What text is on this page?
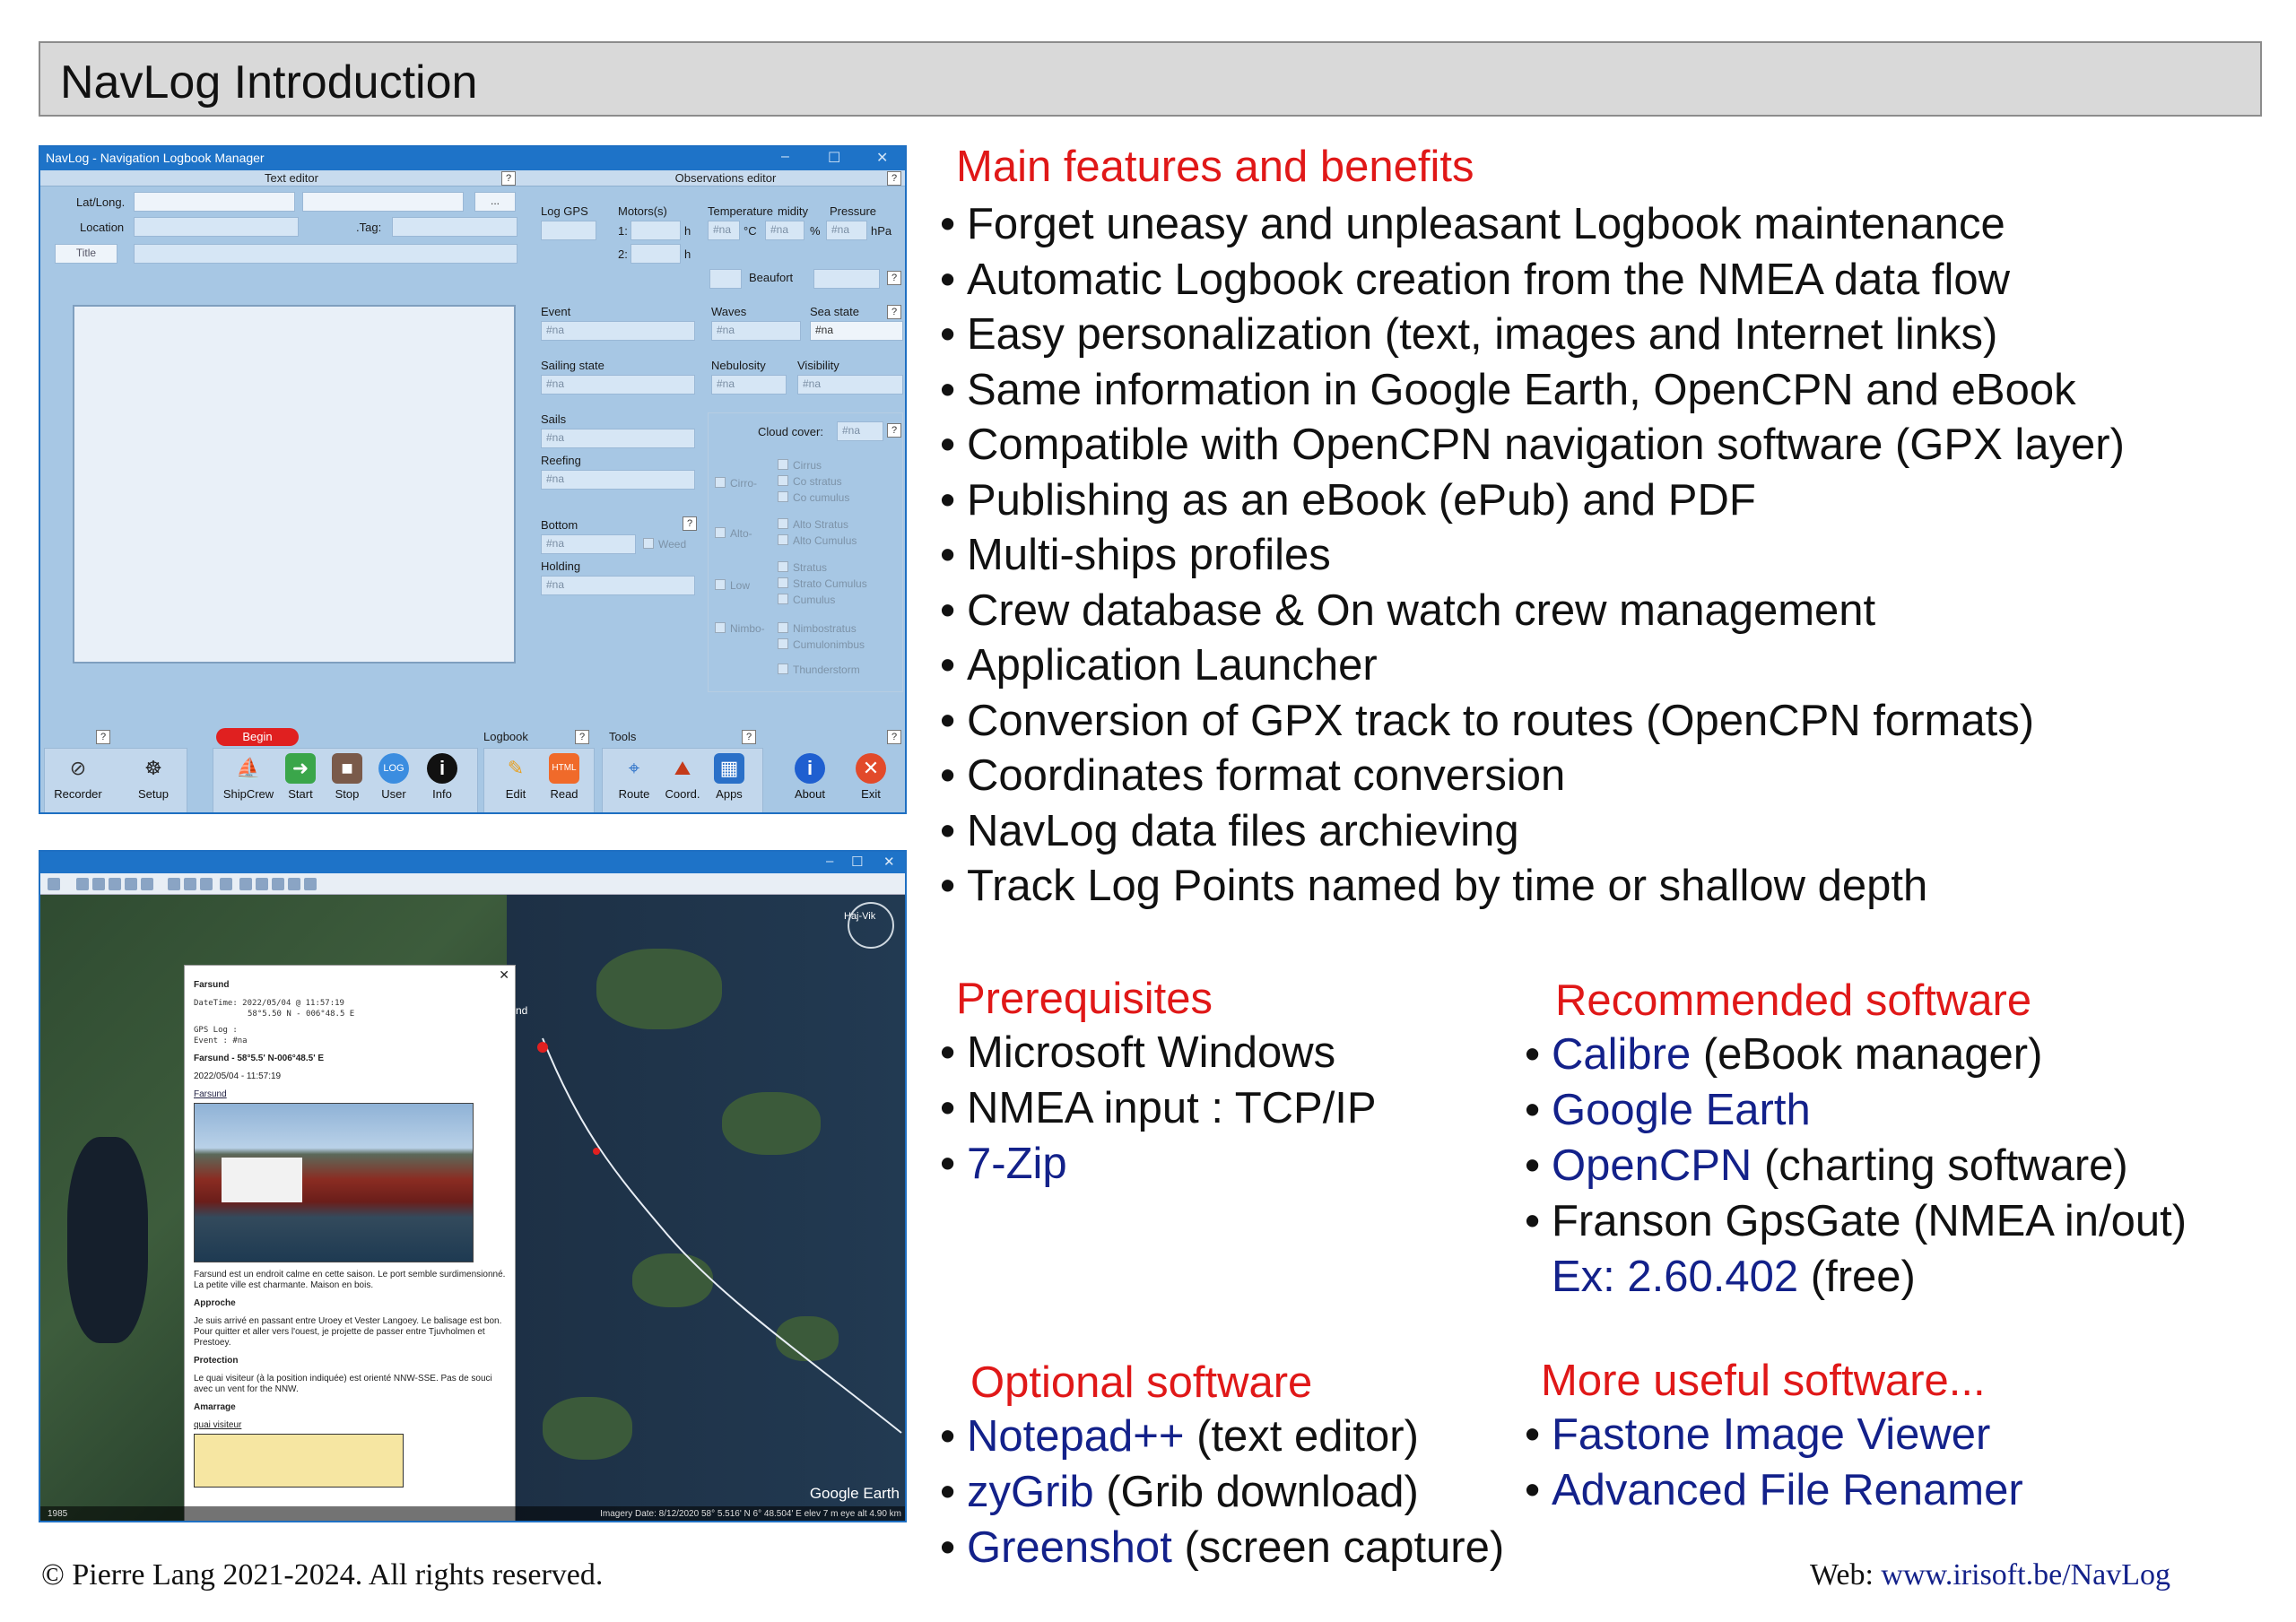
NavLog Introduction
NavLog - Navigation Logbook Manager	–	☐ ✕
Text editor	?	Observations editor	?
Lat/Long.	...
Location	.Tag:
Title
Log GPS	Motors(s)
1:	h
2:	h
Temperature midity Pressure
#na	°C	#na	%	#na	hPa
Beaufort	?
Event
#na
Waves
#na
Sea state	?
#na
Sailing state
#na
Nebulosity
#na
Visibility
#na
Sails
#na
Reefing
#na
Bottom	?
#na	Weed
Holding
#na
Cloud cover:	#na	?
Cirro-
Cirrus
Co stratus
Co cumulus
Alto-
Alto Stratus
Alto Cumulus
Low
Stratus
Strato Cumulus
Cumulus
Nimbo-	Nimbostratus
Cumulonimbus
Thunderstorm
?	Begin	Logbook	?	Tools	?	?
⊘
Recorder
☸
Setup
⛵
ShipCrew
➜
Start
■
Stop
LOG
User
i
Info
✎
Edit
HTML
Read
⌖
Route
⛰
Coord.
▦
Apps
i
About
✕
Exit
– ☐ ✕
nd
Haj-Vik
✕

Farsund

DateTime: 2022/05/04 @ 11:57:19
58°5.50 N - 006°48.5 E
GPS Log :
Event : #na

Farsund - 58°5.5' N-006°48.5' E

2022/05/04 - 11:57:19

Farsund

Farsund est un endroit calme en cette saison. Le port semble surdimensionné. La petite ville est charmante. Maison en bois.

Approche

Je suis arrivé en passant entre Uroey et Vester Langoey. Le balisage est bon. Pour quitter et aller vers l'ouest, je projette de passer entre Tjuvholmen et Prestoey.

Protection

Le quai visiteur (à la position indiquée) est orienté NNW-SSE. Pas de souci avec un vent for the NNW.

Amarrage

quai visiteur
Google Earth
1985	Imagery Date: 8/12/2020 58° 5.516' N 6° 48.504' E elev 7 m eye alt 4.90 km
Main features and benefits
• Forget uneasy and unpleasant Logbook maintenance
• Automatic Logbook creation from the NMEA data flow
• Easy personalization (text, images and Internet links)
• Same information in Google Earth, OpenCPN and eBook
• Compatible with OpenCPN navigation software (GPX layer)
• Publishing as an eBook (ePub) and PDF
• Multi-ships profiles
• Crew database & On watch crew management
• Application Launcher
• Conversion of GPX track to routes (OpenCPN formats)
• Coordinates format conversion
• NavLog data files archieving
• Track Log Points named by time or shallow depth
Prerequisites
• Microsoft Windows
• NMEA input : TCP/IP
• 7-Zip
Recommended software
• Calibre (eBook manager)
• Google Earth
• OpenCPN (charting software)
• Franson GpsGate (NMEA in/out)
Ex: 2.60.402 (free)
Optional software
• Notepad++ (text editor)
• zyGrib (Grib download)
• Greenshot (screen capture)
More useful software...
• Fastone Image Viewer
• Advanced File Renamer
© Pierre Lang 2021-2024. All rights reserved.	Web: www.irisoft.be/NavLog
